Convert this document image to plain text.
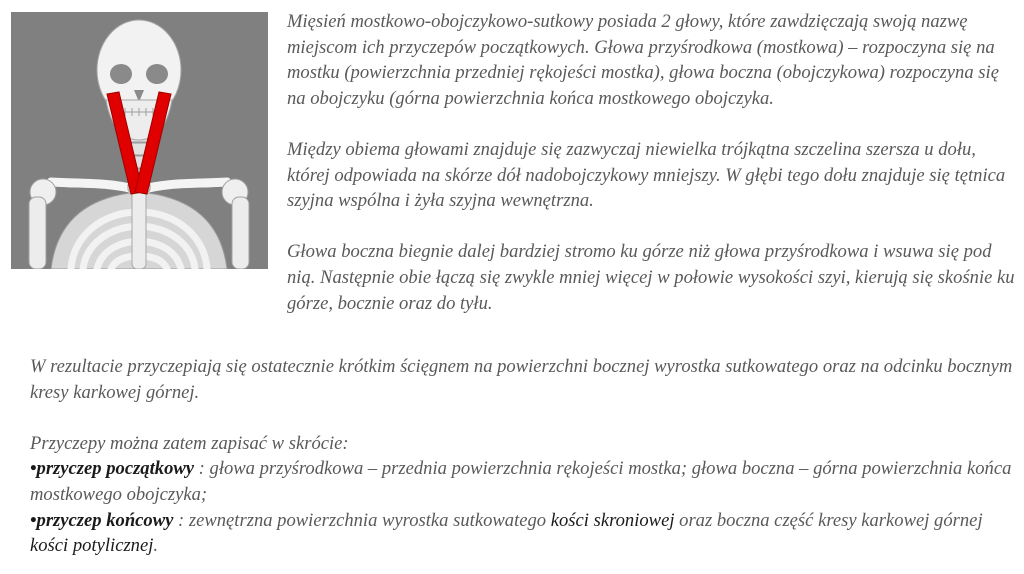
Mięsień mostkowo-obojczykowo-sutkowy posiada 2 głowy, które zawdzięczają swoją nazwę miejscom ich przyczepów początkowych. Głowa przyśrodkowa (mostkowa) – rozpoczyna się na mostku (powierzchnia przedniej rękojeści mostka), głowa boczna (obojczykowa) rozpoczyna się na obojczyku (górna powierzchnia końca mostkowego obojczyka.

Między obiema głowami znajduje się zazwyczaj niewielka trójkątna szczelina szersza u dołu, której odpowiada na skórze dół nadobojczykowy mniejszy. W głębi tego dołu znajduje się tętnica szyjna wspólna i żyła szyjna wewnętrzna.

Głowa boczna biegnie dalej bardziej stromo ku górze niż głowa przyśrodkowa i wsuwa się pod nią. Następnie obie łączą się zwykle mniej więcej w połowie wysokości szyi, kierują się skośnie ku górze, bocznie oraz do tyłu.

W rezultacie przyczepiają się ostatecznie krótkim ścięgnem na powierzchni bocznej wyrostka sutkowatego oraz na odcinku bocznym kresy karkowej górnej.

Przyczepy można zatem zapisać w skrócie:

•przyczep początkowy : głowa przyśrodkowa – przednia powierzchnia rękojeści mostka; głowa boczna – górna powierzchnia końca mostkowego obojczyka;

•przyczep końcowy : zewnętrzna powierzchnia wyrostka sutkowatego kości skroniowej oraz boczna część kresy karkowej górnej kości potylicznej.
